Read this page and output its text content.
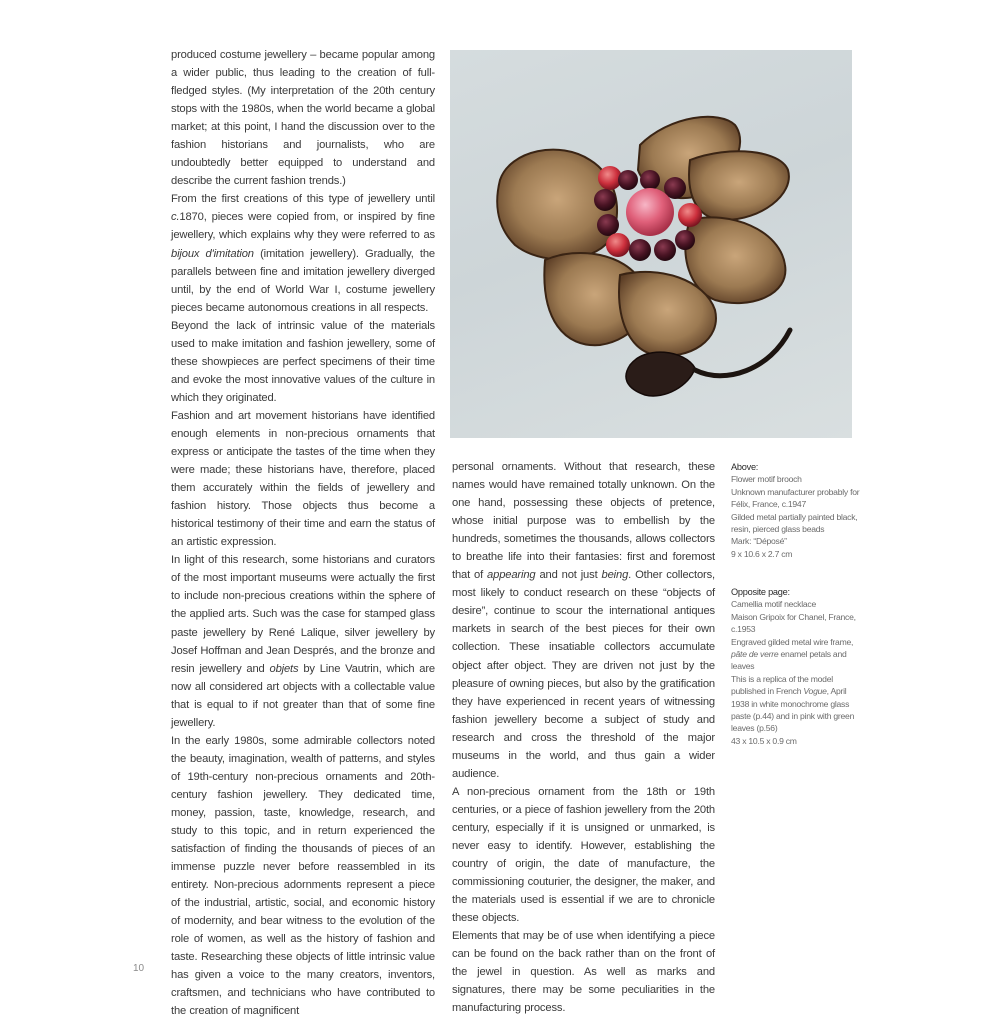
produced costume jewellery – became popular among a wider public, thus leading to the creation of full-fledged styles. (My interpretation of the 20th century stops with the 1980s, when the world became a global market; at this point, I hand the discussion over to the fashion historians and journalists, who are undoubtedly better equipped to understand and describe the current fashion trends.)

From the first creations of this type of jewellery until c.1870, pieces were copied from, or inspired by fine jewellery, which explains why they were referred to as bijoux d'imitation (imitation jewellery). Gradually, the parallels between fine and imitation jewellery diverged until, by the end of World War I, costume jewellery pieces became autonomous creations in all respects.

Beyond the lack of intrinsic value of the materials used to make imitation and fashion jewellery, some of these showpieces are perfect specimens of their time and evoke the most innovative values of the culture in which they originated.

Fashion and art movement historians have identified enough elements in non-precious ornaments that express or anticipate the tastes of the time when they were made; these historians have, therefore, placed them accurately within the fields of jewellery and fashion history. Those objects thus become a historical testimony of their time and earn the status of an artistic expression.

In light of this research, some historians and curators of the most important museums were actually the first to include non-precious creations within the sphere of the applied arts. Such was the case for stamped glass paste jewellery by René Lalique, silver jewellery by Josef Hoffman and Jean Després, and the bronze and resin jewellery and objets by Line Vautrin, which are now all considered art objects with a collectable value that is equal to if not greater than that of some fine jewellery.

In the early 1980s, some admirable collectors noted the beauty, imagination, wealth of patterns, and styles of 19th-century non-precious ornaments and 20th-century fashion jewellery. They dedicated time, money, passion, taste, knowledge, research, and study to this topic, and in return experienced the satisfaction of finding the thousands of pieces of an immense puzzle never before reassembled in its entirety. Non-precious adornments represent a piece of the industrial, artistic, social, and economic history of modernity, and bear witness to the evolution of the role of women, as well as the history of fashion and taste. Researching these objects of little intrinsic value has given a voice to the many creators, inventors, craftsmen, and technicians who have contributed to the creation of magnificent

personal ornaments. Without that research, these names would have remained totally unknown. On the one hand, possessing these objects of pretence, whose initial purpose was to embellish by the hundreds, sometimes the thousands, allows collectors to breathe life into their fantasies: first and foremost that of appearing and not just being. Other collectors, most likely to conduct research on these “objects of desire”, continue to scour the international antiques markets in search of the best pieces for their own collection. These insatiable collectors accumulate object after object. They are driven not just by the pleasure of owning pieces, but also by the gratification they have experienced in recent years of witnessing fashion jewellery become a subject of study and research and cross the threshold of the major museums in the world, and thus gain a wider audience.

A non-precious ornament from the 18th or 19th centuries, or a piece of fashion jewellery from the 20th century, especially if it is unsigned or unmarked, is never easy to identify. However, establishing the country of origin, the date of manufacture, the commissioning couturier, the designer, the maker, and the materials used is essential if we are to chronicle these objects.

Elements that may be of use when identifying a piece can be found on the back rather than on the front of the jewel in question. As well as marks and signatures, there may be some peculiarities in the manufacturing process.

Above:
Flower motif brooch
Unknown manufacturer probably for Félix, France, c.1947
Gilded metal partially painted black, resin, pierced glass beads
Mark: “Déposé”
9 x 10.6 x 2.7 cm
Opposite page:
Camellia motif necklace
Maison Gripoix for Chanel, France, c.1953
Engraved gilded metal wire frame, pâte de verre enamel petals and leaves
This is a replica of the model published in French Vogue, April 1938 in white monochrome glass paste (p.44) and in pink with green leaves (p.56)
43 x 10.5 x 0.9 cm
10
